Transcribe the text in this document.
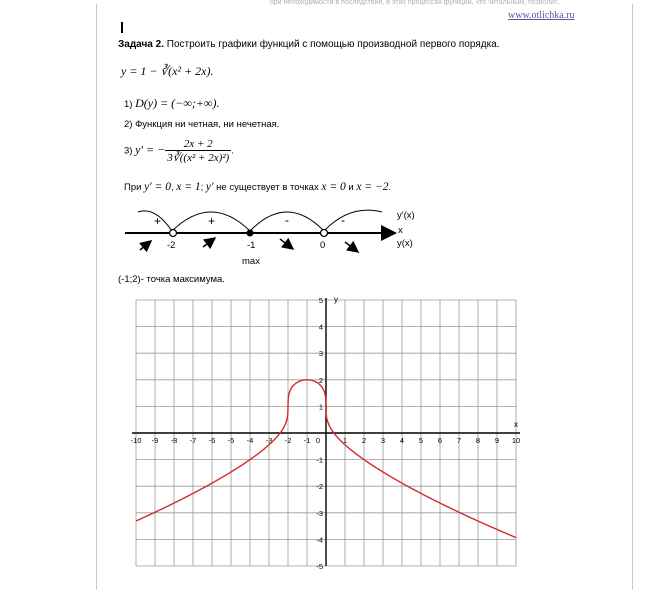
при необходимости в последствии, в этих процессах функции, что читальным, позволит...
www.otlichka.ru
Задача 2. Построить графики функций с помощью производной первого порядка.
y = 1 − ∛(x² + 2x).
1) D(y) = (−∞;+∞).
2) Функция ни четная, ни нечетная.
3) y′ = − $\frac{2x + 2}{\text{3∛((x² + 2x)²)}}$ .
При y′ = 0, x = 1; y′ не существует в точках x = 0 и x = −2.
+	+	-	-
-2	-1	0
max
y'(x)
x
y(x)
(-1;2)- точка максимума.
-10 -9 -8 -7 -6 -5 -4 -3 -2 -1 0	1 2 3 4 5 6 7 8 9 10
5
4
3
2
1
-1
-2
-3
-4
-5
x
y
